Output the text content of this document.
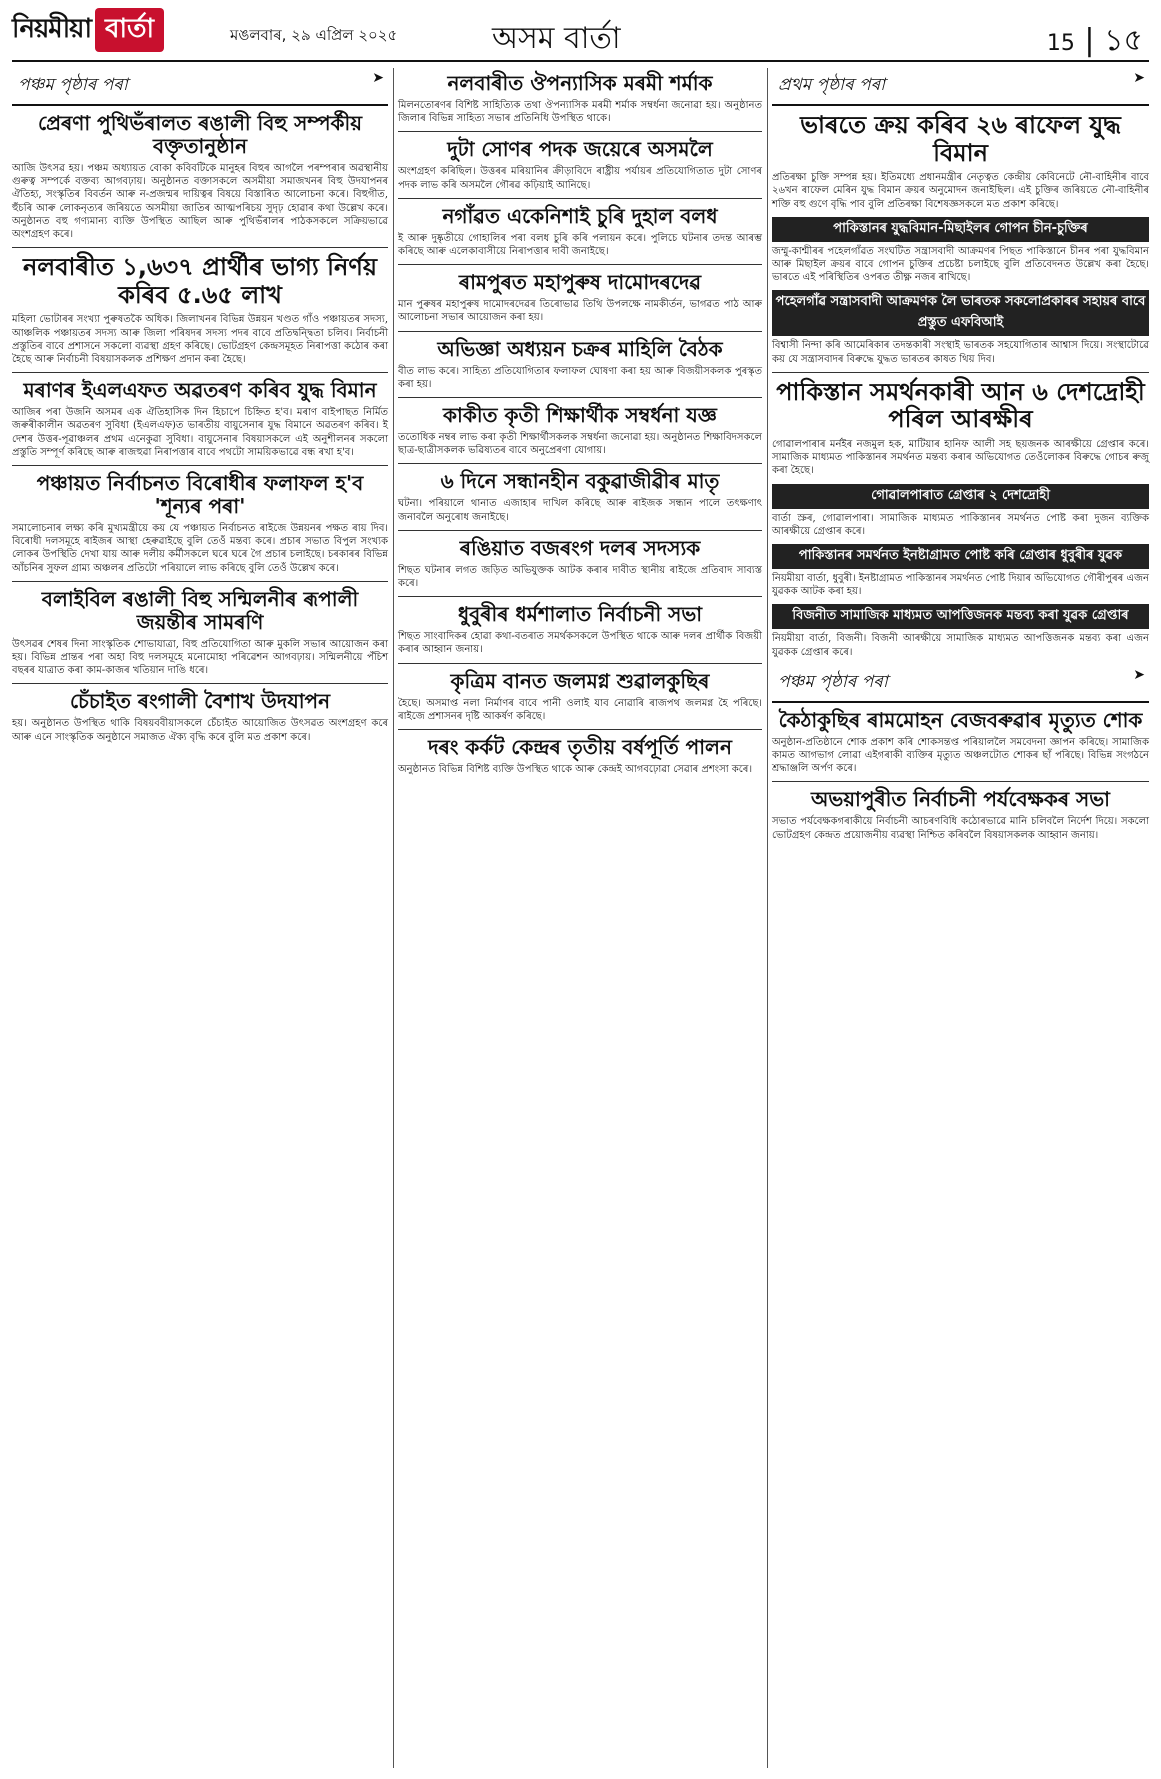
নিয়মীয়া বাৰ্তা	মঙলবাৰ, ২৯ এপ্ৰিল ২০২৫	অসম বাৰ্তা	15 | ১৫
পঞ্চম পৃষ্ঠাৰ পৰা ➤
প্ৰেৰণা পুথিভঁৰালত ৰঙালী বিহু সম্পৰ্কীয় বক্তৃতানুষ্ঠান

আজি উৎসৱ হয়। পঞ্চম অধ্যায়ত বোকা কবিবটিকে মানুহৰ বিহুৰ আগলৈ পৰম্পৰাৰ অৱস্থানীয় গুৰুত্ব সম্পৰ্কে বক্তব্য আগবঢ়ায়। অনুষ্ঠানত বক্তাসকলে অসমীয়া সমাজখনৰ বিহু উদযাপনৰ ঐতিহ্য, সংস্কৃতিৰ বিবৰ্তন আৰু ন-প্ৰজন্মৰ দায়িত্বৰ বিষয়ে বিস্তাৰিত আলোচনা কৰে। বিহুগীত, হুঁচৰি আৰু লোকনৃত্যৰ জৰিয়তে অসমীয়া জাতিৰ আত্মপৰিচয় সুদৃঢ় হোৱাৰ কথা উল্লেখ কৰে। অনুষ্ঠানত বহু গণ্যমান্য ব্যক্তি উপস্থিত আছিল আৰু পুথিভঁৰালৰ পাঠকসকলে সক্ৰিয়ভাৱে অংশগ্ৰহণ কৰে।

নলবাৰীত ১,৬৩৭ প্ৰাৰ্থীৰ ভাগ্য নিৰ্ণয় কৰিব ৫.৬৫ লাখ

মহিলা ভোটাৰৰ সংখ্যা পুৰুষতকৈ অধিক। জিলাখনৰ বিভিন্ন উন্নয়ন খণ্ডত গাঁও পঞ্চায়তৰ সদস্য, আঞ্চলিক পঞ্চায়তৰ সদস্য আৰু জিলা পৰিষদৰ সদস্য পদৰ বাবে প্ৰতিদ্বন্দ্বিতা চলিব। নিৰ্বাচনী প্ৰস্তুতিৰ বাবে প্ৰশাসনে সকলো ব্যৱস্থা গ্ৰহণ কৰিছে। ভোটগ্ৰহণ কেন্দ্ৰসমূহত নিৰাপত্তা কঠোৰ কৰা হৈছে আৰু নিৰ্বাচনী বিষয়াসকলক প্ৰশিক্ষণ প্ৰদান কৰা হৈছে।

মৰাণৰ ইএলএফত অৱতৰণ কৰিব যুদ্ধ বিমান

আজিৰ পৰা উজনি অসমৰ এক ঐতিহাসিক দিন হিচাপে চিহ্নিত হ'ব। মৰাণ বাইপাছত নিৰ্মিত জৰুৰীকালীন অৱতৰণ সুবিধা (ইএলএফ)ত ভাৰতীয় বায়ুসেনাৰ যুদ্ধ বিমানে অৱতৰণ কৰিব। ই দেশৰ উত্তৰ-পূৱাঞ্চলৰ প্ৰথম এনেকুৱা সুবিধা। বায়ুসেনাৰ বিষয়াসকলে এই অনুশীলনৰ সকলো প্ৰস্তুতি সম্পূৰ্ণ কৰিছে আৰু ৰাজহুৱা নিৰাপত্তাৰ বাবে পথটো সাময়িকভাৱে বন্ধ ৰখা হ'ব।

পঞ্চায়ত নিৰ্বাচনত বিৰোধীৰ ফলাফল হ'ব 'শূন্যৰ পৰা'

সমালোচনাৰ লক্ষ্য কৰি মুখ্যমন্ত্ৰীয়ে কয় যে পঞ্চায়ত নিৰ্বাচনত ৰাইজে উন্নয়নৰ পক্ষত ৰায় দিব। বিৰোধী দলসমূহে ৰাইজৰ আস্থা হেৰুৱাইছে বুলি তেওঁ মন্তব্য কৰে। প্ৰচাৰ সভাত বিপুল সংখ্যক লোকৰ উপস্থিতি দেখা যায় আৰু দলীয় কৰ্মীসকলে ঘৰে ঘৰে গৈ প্ৰচাৰ চলাইছে। চৰকাৰৰ বিভিন্ন আঁচনিৰ সুফল গ্ৰাম্য অঞ্চলৰ প্ৰতিটো পৰিয়ালে লাভ কৰিছে বুলি তেওঁ উল্লেখ কৰে।

বলাইবিল ৰঙালী বিহু সন্মিলনীৰ ৰূপালী জয়ন্তীৰ সামৰণি

উৎসৱৰ শেষৰ দিনা সাংস্কৃতিক শোভাযাত্ৰা, বিহু প্ৰতিযোগিতা আৰু মুকলি সভাৰ আয়োজন কৰা হয়। বিভিন্ন প্ৰান্তৰ পৰা অহা বিহু দলসমূহে মনোমোহা পৰিৱেশন আগবঢ়ায়। সন্মিলনীয়ে পঁচিশ বছৰৰ যাত্ৰাত কৰা কাম-কাজৰ খতিয়ান দাঙি ধৰে।

চেঁচাইত ৰংগালী বৈশাখ উদযাপন

হয়। অনুষ্ঠানত উপস্থিত থাকি বিষয়ববীয়াসকলে চেঁচাইত আয়োজিত উৎসৱত অংশগ্ৰহণ কৰে আৰু এনে সাংস্কৃতিক অনুষ্ঠানে সমাজত ঐক্য বৃদ্ধি কৰে বুলি মত প্ৰকাশ কৰে।

নলবাৰীত ঔপন্যাসিক মৰমী শৰ্মাক

মিলনতোৰণৰ বিশিষ্ট সাহিত্যিক তথা ঔপন্যাসিক মৰমী শৰ্মাক সম্বৰ্ধনা জনোৱা হয়। অনুষ্ঠানত জিলাৰ বিভিন্ন সাহিত্য সভাৰ প্ৰতিনিধি উপস্থিত থাকে।

দুটা সোণৰ পদক জয়েৰে অসমলৈ

অংশগ্ৰহণ কৰিছিল। উত্তৰৰ মৰিয়ানিৰ ক্ৰীড়াবিদে ৰাষ্ট্ৰীয় পৰ্যায়ৰ প্ৰতিযোগিতাত দুটা সোণৰ পদক লাভ কৰি অসমলৈ গৌৰৱ কঢ়িয়াই আনিছে।

নগাঁৱত একেনিশাই চুৰি দুহাল বলধ

ই আৰু দুষ্কৃতীয়ে গোহালিৰ পৰা বলধ চুৰি কৰি পলায়ন কৰে। পুলিচে ঘটনাৰ তদন্ত আৰম্ভ কৰিছে আৰু এলেকাবাসীয়ে নিৰাপত্তাৰ দাবী জনাইছে।

ৰামপুৰত মহাপুৰুষ দামোদৰদেৱ

মান পুৰুষৰ মহাপুৰুষ দামোদৰদেৱৰ তিৰোভাৱ তিথি উপলক্ষে নামকীৰ্তন, ভাগৱত পাঠ আৰু আলোচনা সভাৰ আয়োজন কৰা হয়।

অভিজ্ঞা অধ্যয়ন চক্ৰৰ মাহিলি বৈঠক

বীত লাভ কৰে। সাহিত্য প্ৰতিযোগিতাৰ ফলাফল ঘোষণা কৰা হয় আৰু বিজয়ীসকলক পুৰস্কৃত কৰা হয়।

কাকীত কৃতী শিক্ষাৰ্থীক সম্বৰ্ধনা যজ্ঞ

ততোধিক নম্বৰ লাভ কৰা কৃতী শিক্ষাৰ্থীসকলক সম্বৰ্ধনা জনোৱা হয়। অনুষ্ঠানত শিক্ষাবিদসকলে ছাত্ৰ-ছাত্ৰীসকলক ভৱিষ্যতৰ বাবে অনুপ্ৰেৰণা যোগায়।

৬ দিনে সন্ধানহীন বকুৱাজীৱীৰ মাতৃ

ঘটনা। পৰিয়ালে থানাত এজাহাৰ দাখিল কৰিছে আৰু ৰাইজক সন্ধান পালে তৎক্ষণাৎ জনাবলৈ অনুৰোধ জনাইছে।

ৰঙিয়াত বজৰংগ দলৰ সদস্যক

শিছত ঘটনাৰ লগত জড়িত অভিযুক্তক আটক কৰাৰ দাবীত স্থানীয় ৰাইজে প্ৰতিবাদ সাব্যস্ত কৰে।

ধুবুৰীৰ ধৰ্মশালাত নিৰ্বাচনী সভা

শিছত সাংবাদিকৰ হোৱা কথা-বতৰাত সমৰ্থকসকলে উপস্থিত থাকে আৰু দলৰ প্ৰাৰ্থীক বিজয়ী কৰাৰ আহ্বান জনায়।

কৃত্ৰিম বানত জলমগ্ন শুৱালকুছিৰ

হৈছে। অসমাপ্ত নলা নিৰ্মাণৰ বাবে পানী ওলাই যাব নোৱাৰি ৰাজপথ জলমগ্ন হৈ পৰিছে। ৰাইজে প্ৰশাসনৰ দৃষ্টি আকৰ্ষণ কৰিছে।

দৰং কৰ্কট কেন্দ্ৰৰ তৃতীয় বৰ্ষপূৰ্তি পালন

অনুষ্ঠানত বিভিন্ন বিশিষ্ট ব্যক্তি উপস্থিত থাকে আৰু কেন্দ্ৰই আগবঢ়োৱা সেৱাৰ প্ৰশংসা কৰে।

প্ৰথম পৃষ্ঠাৰ পৰা ➤
ভাৰতে ক্ৰয় কৰিব ২৬ ৰাফেল যুদ্ধ বিমান

প্ৰতিৰক্ষা চুক্তি সম্পন্ন হয়। ইতিমধ্যে প্ৰধানমন্ত্ৰীৰ নেতৃত্বত কেন্দ্ৰীয় কেবিনেটে নৌ-বাহিনীৰ বাবে ২৬খন ৰাফেল মেৰিন যুদ্ধ বিমান ক্ৰয়ৰ অনুমোদন জনাইছিল। এই চুক্তিৰ জৰিয়তে নৌ-বাহিনীৰ শক্তি বহু গুণে বৃদ্ধি পাব বুলি প্ৰতিৰক্ষা বিশেষজ্ঞসকলে মত প্ৰকাশ কৰিছে।

পাকিস্তানৰ যুদ্ধবিমান-মিছাইলৰ গোপন চীন-চুক্তিৰ

জম্মু-কাশ্মীৰৰ পহেলগাঁৱত সংঘটিত সন্ত্ৰাসবাদী আক্ৰমণৰ পিছত পাকিস্তানে চীনৰ পৰা যুদ্ধবিমান আৰু মিছাইল ক্ৰয়ৰ বাবে গোপন চুক্তিৰ প্ৰচেষ্টা চলাইছে বুলি প্ৰতিবেদনত উল্লেখ কৰা হৈছে। ভাৰতে এই পৰিস্থিতিৰ ওপৰত তীক্ষ্ণ নজৰ ৰাখিছে।

পহেলগাঁৱ সন্ত্ৰাসবাদী আক্ৰমণক লৈ ভাৰতক সকলোপ্ৰকাৰৰ সহায়ৰ বাবে প্ৰস্তুত এফবিআই

বিশ্বাসী নিন্দা কৰি আমেৰিকাৰ তদন্তকাৰী সংস্থাই ভাৰতক সহযোগিতাৰ আশ্বাস দিয়ে। সংস্থাটোৱে কয় যে সন্ত্ৰাসবাদৰ বিৰুদ্ধে যুদ্ধত ভাৰতৰ কাষত থিয় দিব।

পাকিস্তান সমৰ্থনকাৰী আন ৬ দেশদ্ৰোহী পৰিল আৰক্ষীৰ

গোৱালপাৰাৰ মৰ্নইৰ নজমুল হক, মাটিয়াৰ হানিফ আলী সহ ছয়জনক আৰক্ষীয়ে গ্ৰেপ্তাৰ কৰে। সামাজিক মাধ্যমত পাকিস্তানৰ সমৰ্থনত মন্তব্য কৰাৰ অভিযোগত তেওঁলোকৰ বিৰুদ্ধে গোচৰ ৰুজু কৰা হৈছে।

গোৱালপাৰাত গ্ৰেপ্তাৰ ২ দেশদ্ৰোহী

বাৰ্তা স্ৰুৰ, গোৱালপাৰা। সামাজিক মাধ্যমত পাকিস্তানৰ সমৰ্থনত পোষ্ট কৰা দুজন ব্যক্তিক আৰক্ষীয়ে গ্ৰেপ্তাৰ কৰে।

পাকিস্তানৰ সমৰ্থনত ইনষ্টাগ্ৰামত পোষ্ট কৰি গ্ৰেপ্তাৰ ধুবুৰীৰ যুৱক

নিয়মীয়া বাৰ্তা, ধুবুৰী। ইনষ্টাগ্ৰামত পাকিস্তানৰ সমৰ্থনত পোষ্ট দিয়াৰ অভিযোগত গৌৰীপুৰৰ এজন যুৱকক আটক কৰা হয়।

বিজনীত সামাজিক মাধ্যমত আপত্তিজনক মন্তব্য কৰা যুৱক গ্ৰেপ্তাৰ

নিয়মীয়া বাৰ্তা, বিজনী। বিজনী আৰক্ষীয়ে সামাজিক মাধ্যমত আপত্তিজনক মন্তব্য কৰা এজন যুৱকক গ্ৰেপ্তাৰ কৰে।

পঞ্চম পৃষ্ঠাৰ পৰা ➤
কৈঠাকুছিৰ ৰামমোহন বেজবৰুৱাৰ মৃত্যুত শোক

অনুষ্ঠান-প্ৰতিষ্ঠানে শোক প্ৰকাশ কৰি শোকসন্তপ্ত পৰিয়াললৈ সমবেদনা জ্ঞাপন কৰিছে। সামাজিক কামত আগভাগ লোৱা এইগৰাকী ব্যক্তিৰ মৃত্যুত অঞ্চলটোত শোকৰ ছাঁ পৰিছে। বিভিন্ন সংগঠনে শ্ৰদ্ধাঞ্জলি অৰ্পণ কৰে।

অভয়াপুৰীত নিৰ্বাচনী পৰ্যবেক্ষকৰ সভা

সভাত পৰ্যবেক্ষকগৰাকীয়ে নিৰ্বাচনী আচৰণবিধি কঠোৰভাৱে মানি চলিবলৈ নিৰ্দেশ দিয়ে। সকলো ভোটগ্ৰহণ কেন্দ্ৰত প্ৰয়োজনীয় ব্যৱস্থা নিশ্চিত কৰিবলৈ বিষয়াসকলক আহ্বান জনায়।
